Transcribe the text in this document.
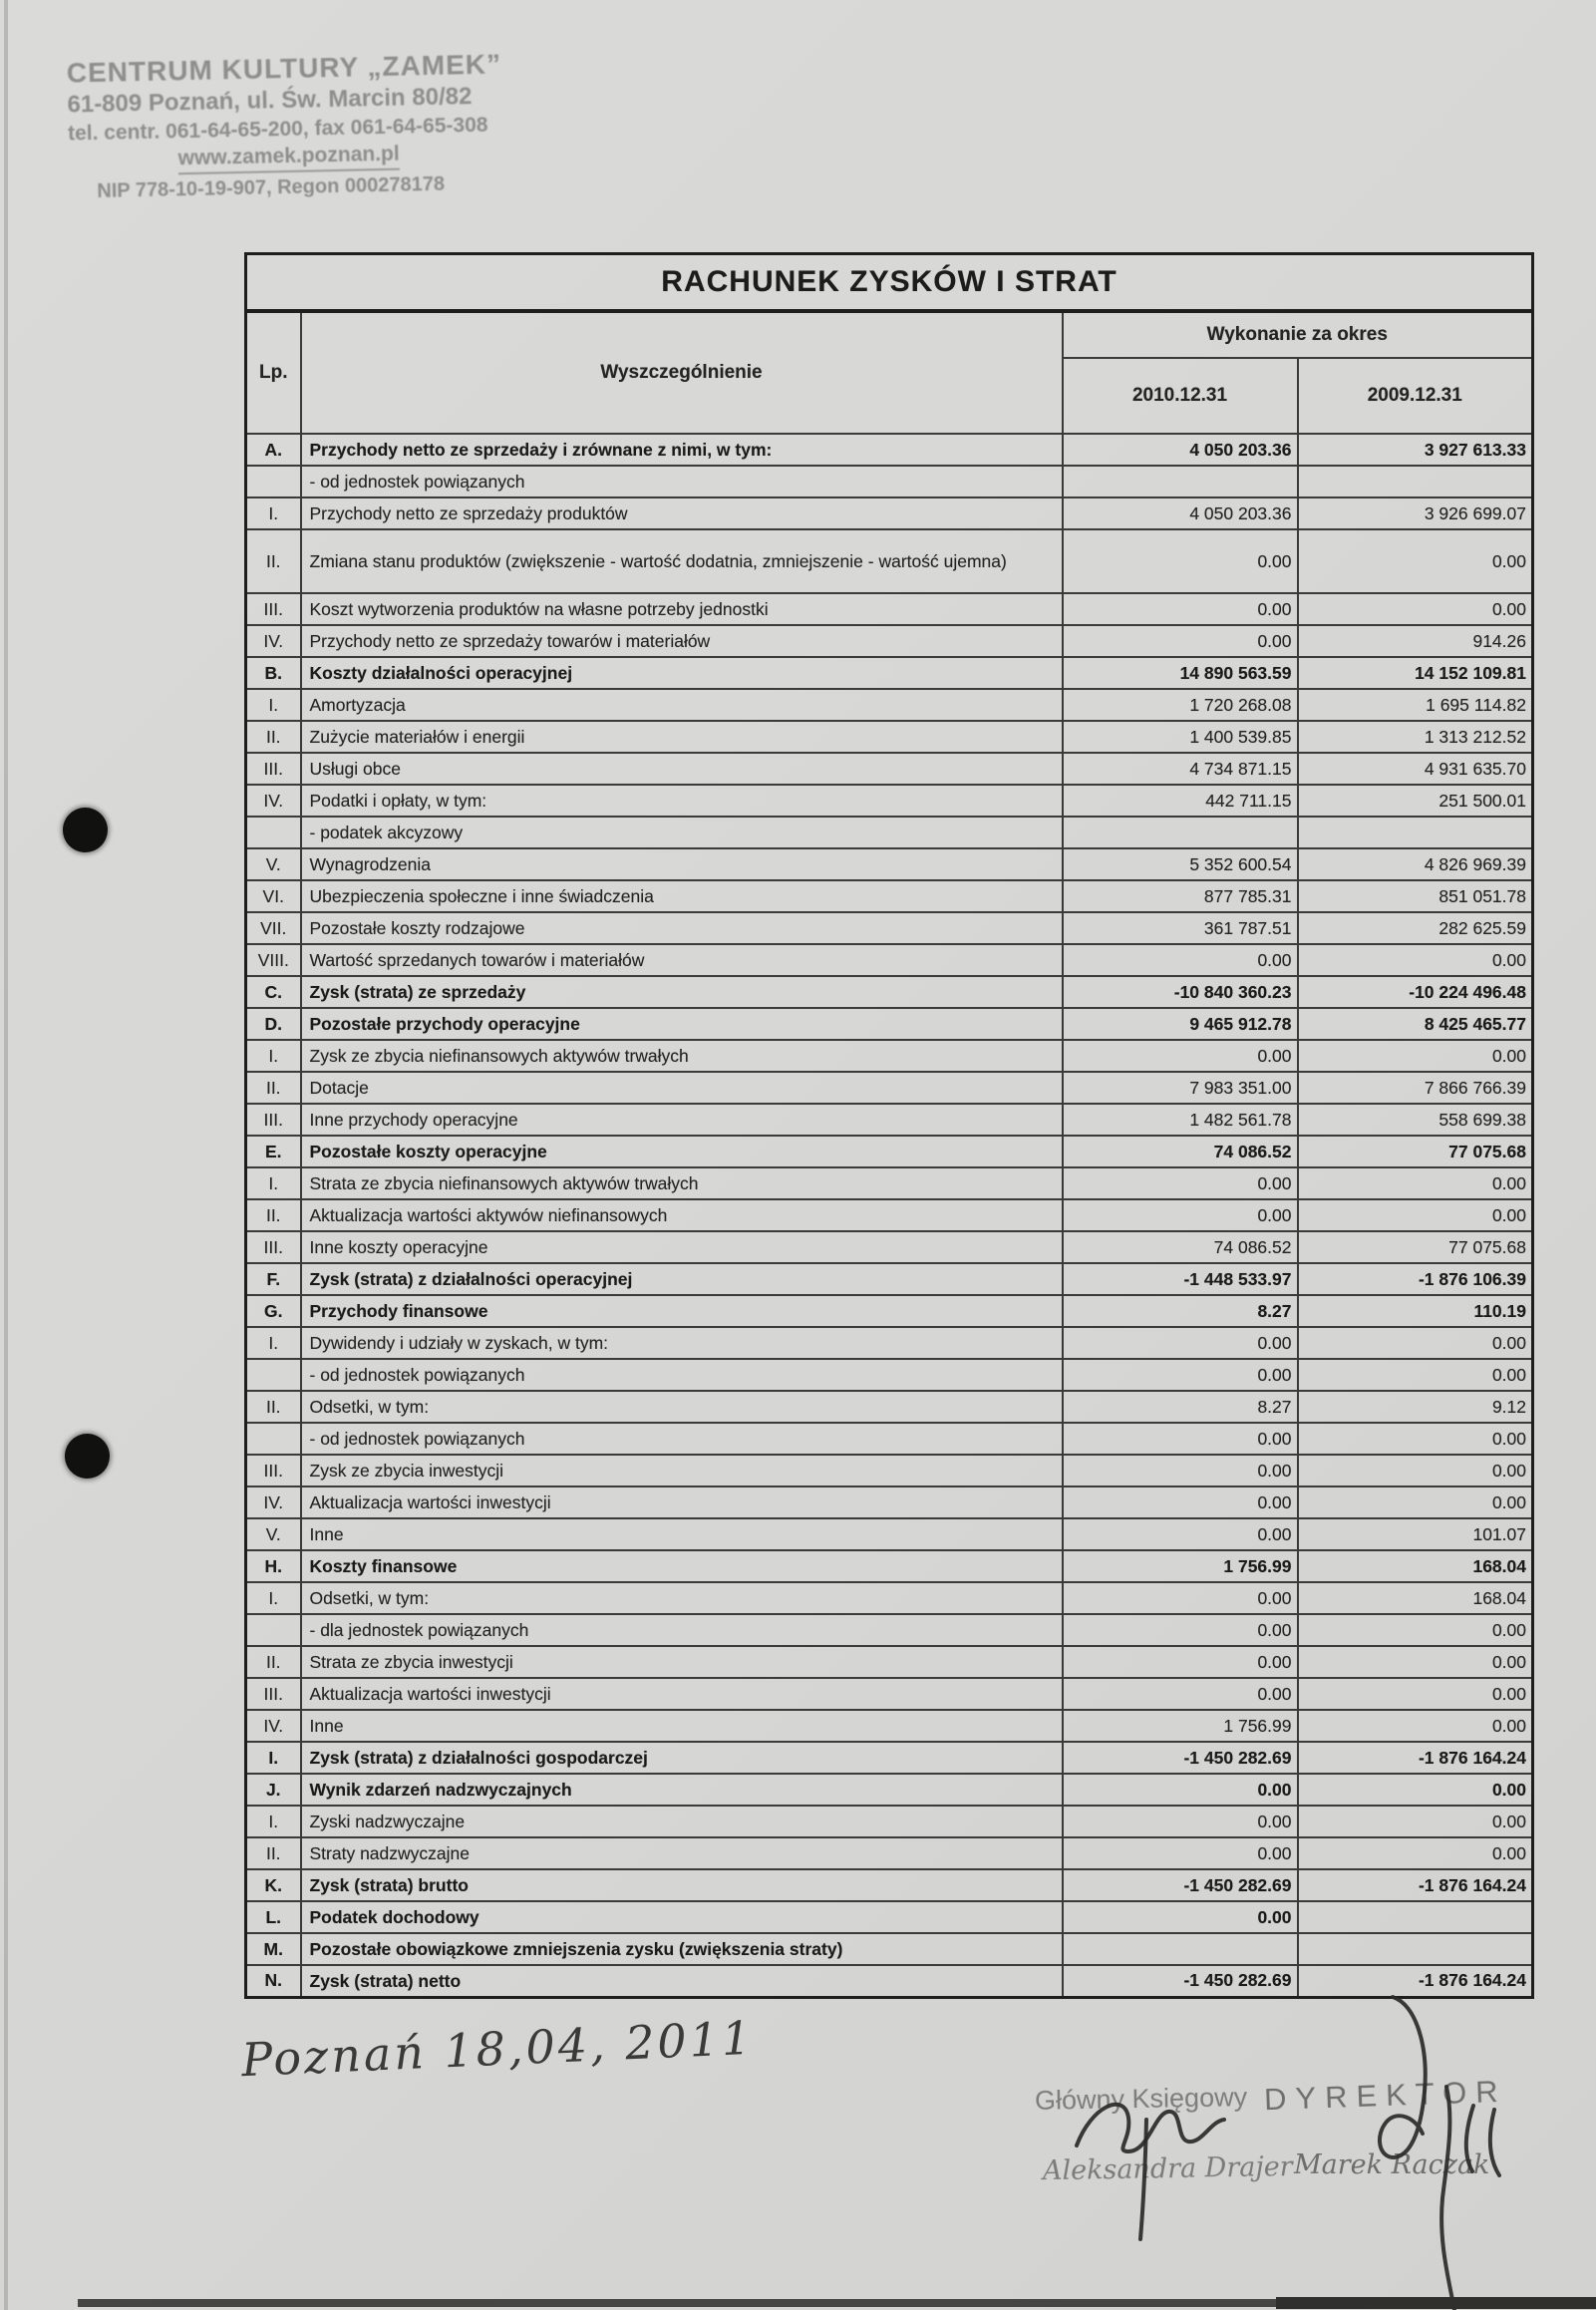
CENTRUM KULTURY „ZAMEK”
61-809 Poznań, ul. Św. Marcin 80/82
tel. centr. 061-64-65-200, fax 061-64-65-308
www.zamek.poznan.pl
NIP 778-10-19-907, Regon 000278178
RACHUNEK ZYSKÓW I STRAT			
Lp.	Wyszczególnienie	Wykonanie za okres	
		2010.12.31	2009.12.31
A.	Przychody netto ze sprzedaży i zrównane z nimi, w tym:	4 050 203.36	3 927 613.33
	- od jednostek powiązanych		
I.	Przychody netto ze sprzedaży produktów	4 050 203.36	3 926 699.07
II.	Zmiana stanu produktów (zwiększenie - wartość dodatnia, zmniejszenie - wartość ujemna)	0.00	0.00
III.	Koszt wytworzenia produktów na własne potrzeby jednostki	0.00	0.00
IV.	Przychody netto ze sprzedaży towarów i materiałów	0.00	914.26
B.	Koszty działalności operacyjnej	14 890 563.59	14 152 109.81
I.	Amortyzacja	1 720 268.08	1 695 114.82
II.	Zużycie materiałów i energii	1 400 539.85	1 313 212.52
III.	Usługi obce	4 734 871.15	4 931 635.70
IV.	Podatki i opłaty, w tym:	442 711.15	251 500.01
	- podatek akcyzowy		
V.	Wynagrodzenia	5 352 600.54	4 826 969.39
VI.	Ubezpieczenia społeczne i inne świadczenia	877 785.31	851 051.78
VII.	Pozostałe koszty rodzajowe	361 787.51	282 625.59
VIII.	Wartość sprzedanych towarów i materiałów	0.00	0.00
C.	Zysk (strata) ze sprzedaży	-10 840 360.23	-10 224 496.48
D.	Pozostałe przychody operacyjne	9 465 912.78	8 425 465.77
I.	Zysk ze zbycia niefinansowych aktywów trwałych	0.00	0.00
II.	Dotacje	7 983 351.00	7 866 766.39
III.	Inne przychody operacyjne	1 482 561.78	558 699.38
E.	Pozostałe koszty operacyjne	74 086.52	77 075.68
I.	Strata ze zbycia niefinansowych aktywów trwałych	0.00	0.00
II.	Aktualizacja wartości aktywów niefinansowych	0.00	0.00
III.	Inne koszty operacyjne	74 086.52	77 075.68
F.	Zysk (strata) z działalności operacyjnej	-1 448 533.97	-1 876 106.39
G.	Przychody finansowe	8.27	110.19
I.	Dywidendy i udziały w zyskach, w tym:	0.00	0.00
	- od jednostek powiązanych	0.00	0.00
II.	Odsetki, w tym:	8.27	9.12
	- od jednostek powiązanych	0.00	0.00
III.	Zysk ze zbycia inwestycji	0.00	0.00
IV.	Aktualizacja wartości inwestycji	0.00	0.00
V.	Inne	0.00	101.07
H.	Koszty finansowe	1 756.99	168.04
I.	Odsetki, w tym:	0.00	168.04
	- dla jednostek powiązanych	0.00	0.00
II.	Strata ze zbycia inwestycji	0.00	0.00
III.	Aktualizacja wartości inwestycji	0.00	0.00
IV.	Inne	1 756.99	0.00
I.	Zysk (strata) z działalności gospodarczej	-1 450 282.69	-1 876 164.24
J.	Wynik zdarzeń nadzwyczajnych	0.00	0.00
I.	Zyski nadzwyczajne	0.00	0.00
II.	Straty nadzwyczajne	0.00	0.00
K.	Zysk (strata) brutto	-1 450 282.69	-1 876 164.24
L.	Podatek dochodowy	0.00	
M.	Pozostałe obowiązkowe zmniejszenia zysku (zwiększenia straty)		
N.	Zysk (strata) netto	-1 450 282.69	-1 876 164.24
Poznań 18,04, 2011
Główny Księgowy DYREKTOR
Aleksandra Drajer Marek Raczak
